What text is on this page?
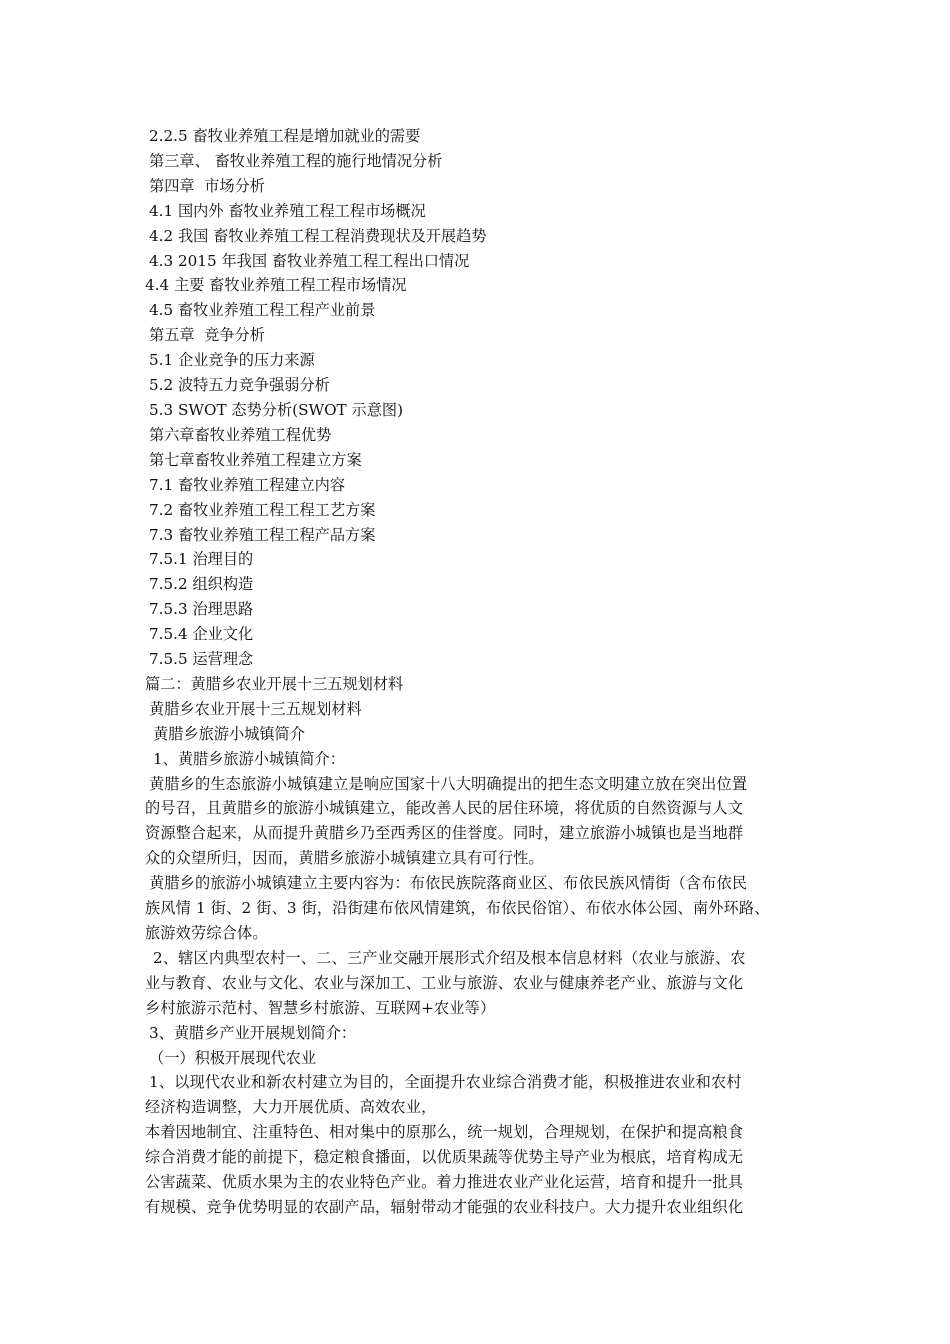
2.2.5 畜牧业养殖工程是增加就业的需要
第三章、 畜牧业养殖工程的施行地情况分析
第四章  市场分析
4.1 国内外 畜牧业养殖工程工程市场概况
4.2 我国 畜牧业养殖工程工程消费现状及开展趋势
4.3 2015 年我国 畜牧业养殖工程工程出口情况
4.4 主要 畜牧业养殖工程工程市场情况
4.5 畜牧业养殖工程工程产业前景
第五章  竞争分析
5.1 企业竞争的压力来源
5.2 波特五力竞争强弱分析
5.3 SWOT 态势分析(SWOT 示意图)
第六章畜牧业养殖工程优势
第七章畜牧业养殖工程建立方案
7.1 畜牧业养殖工程建立内容
7.2 畜牧业养殖工程工程工艺方案
7.3 畜牧业养殖工程工程产品方案
7.5.1 治理目的
7.5.2 组织构造
7.5.3 治理思路
7.5.4 企业文化
7.5.5 运营理念
篇二：黄腊乡农业开展十三五规划材料
黄腊乡农业开展十三五规划材料
黄腊乡旅游小城镇简介
1、黄腊乡旅游小城镇简介：
黄腊乡的生态旅游小城镇建立是响应国家十八大明确提出的把生态文明建立放在突出位置
的号召，且黄腊乡的旅游小城镇建立，能改善人民的居住环境，将优质的自然资源与人文
资源整合起来，从而提升黄腊乡乃至西秀区的佳誉度。同时，建立旅游小城镇也是当地群
众的众望所归，因而，黄腊乡旅游小城镇建立具有可行性。
黄腊乡的旅游小城镇建立主要内容为：布依民族院落商业区、布依民族风情街（含布依民
族风情 1 街、2 街、3 街，沿街建布依风情建筑，布依民俗馆）、布依水体公园、南外环路、
旅游效劳综合体。
2、辖区内典型农村一、二、三产业交融开展形式介绍及根本信息材料（农业与旅游、农
业与教育、农业与文化、农业与深加工、工业与旅游、农业与健康养老产业、旅游与文化
乡村旅游示范村、智慧乡村旅游、互联网+农业等）
3、黄腊乡产业开展规划简介：
（一）积极开展现代农业
1、以现代农业和新农村建立为目的，全面提升农业综合消费才能，积极推进农业和农村
经济构造调整，大力开展优质、高效农业，
本着因地制宜、注重特色、相对集中的原那么，统一规划，合理规划，在保护和提高粮食
综合消费才能的前提下，稳定粮食播面，以优质果蔬等优势主导产业为根底，培育构成无
公害蔬菜、优质水果为主的农业特色产业。着力推进农业产业化运营，培育和提升一批具
有规模、竞争优势明显的农副产品，辐射带动才能强的农业科技户。大力提升农业组织化
